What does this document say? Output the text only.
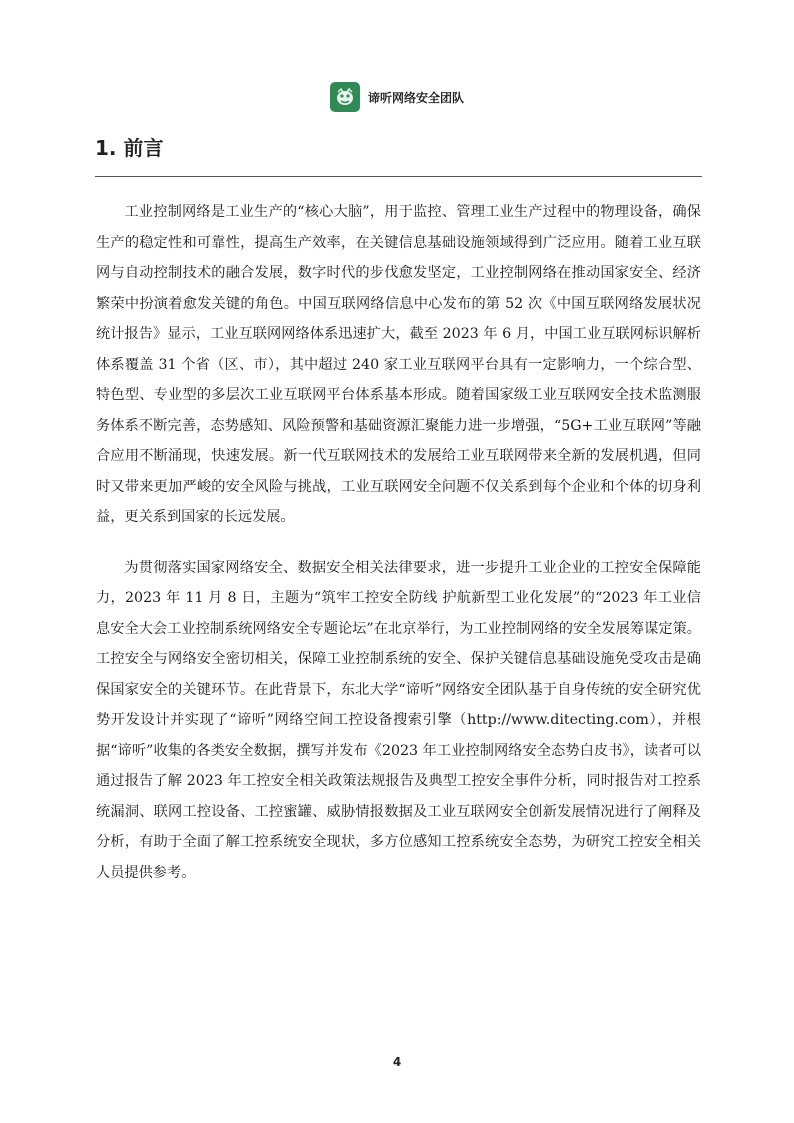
谛听网络安全团队
1. 前言

工业控制网络是工业生产的“核心大脑”，用于监控、管理工业生产过程中的物理设备，确保生产的稳定性和可靠性，提高生产效率，在关键信息基础设施领域得到广泛应用。随着工业互联网与自动控制技术的融合发展，数字时代的步伐愈发坚定，工业控制网络在推动国家安全、经济繁荣中扮演着愈发关键的角色。中国互联网络信息中心发布的第 52 次《中国互联网络发展状况统计报告》显示，工业互联网网络体系迅速扩大，截至 2023 年 6 月，中国工业互联网标识解析体系覆盖 31 个省（区、市），其中超过 240 家工业互联网平台具有一定影响力，一个综合型、特色型、专业型的多层次工业互联网平台体系基本形成。随着国家级工业互联网安全技术监测服务体系不断完善，态势感知、风险预警和基础资源汇聚能力进一步增强，“5G+工业互联网”等融合应用不断涌现，快速发展。新一代互联网技术的发展给工业互联网带来全新的发展机遇，但同时又带来更加严峻的安全风险与挑战，工业互联网安全问题不仅关系到每个企业和个体的切身利益，更关系到国家的长远发展。

为贯彻落实国家网络安全、数据安全相关法律要求，进一步提升工业企业的工控安全保障能力，2023 年 11 月 8 日，主题为“筑牢工控安全防线 护航新型工业化发展”的“2023 年工业信息安全大会工业控制系统网络安全专题论坛”在北京举行，为工业控制网络的安全发展筹谋定策。工控安全与网络安全密切相关，保障工业控制系统的安全、保护关键信息基础设施免受攻击是确保国家安全的关键环节。在此背景下，东北大学“谛听”网络安全团队基于自身传统的安全研究优势开发设计并实现了“谛听”网络空间工控设备搜索引擎（http://www.ditecting.com），并根据“谛听”收集的各类安全数据，撰写并发布《2023 年工业控制网络安全态势白皮书》，读者可以通过报告了解 2023 年工控安全相关政策法规报告及典型工控安全事件分析，同时报告对工控系统漏洞、联网工控设备、工控蜜罐、威胁情报数据及工业互联网安全创新发展情况进行了阐释及分析，有助于全面了解工控系统安全现状，多方位感知工控系统安全态势，为研究工控安全相关人员提供参考。

4
